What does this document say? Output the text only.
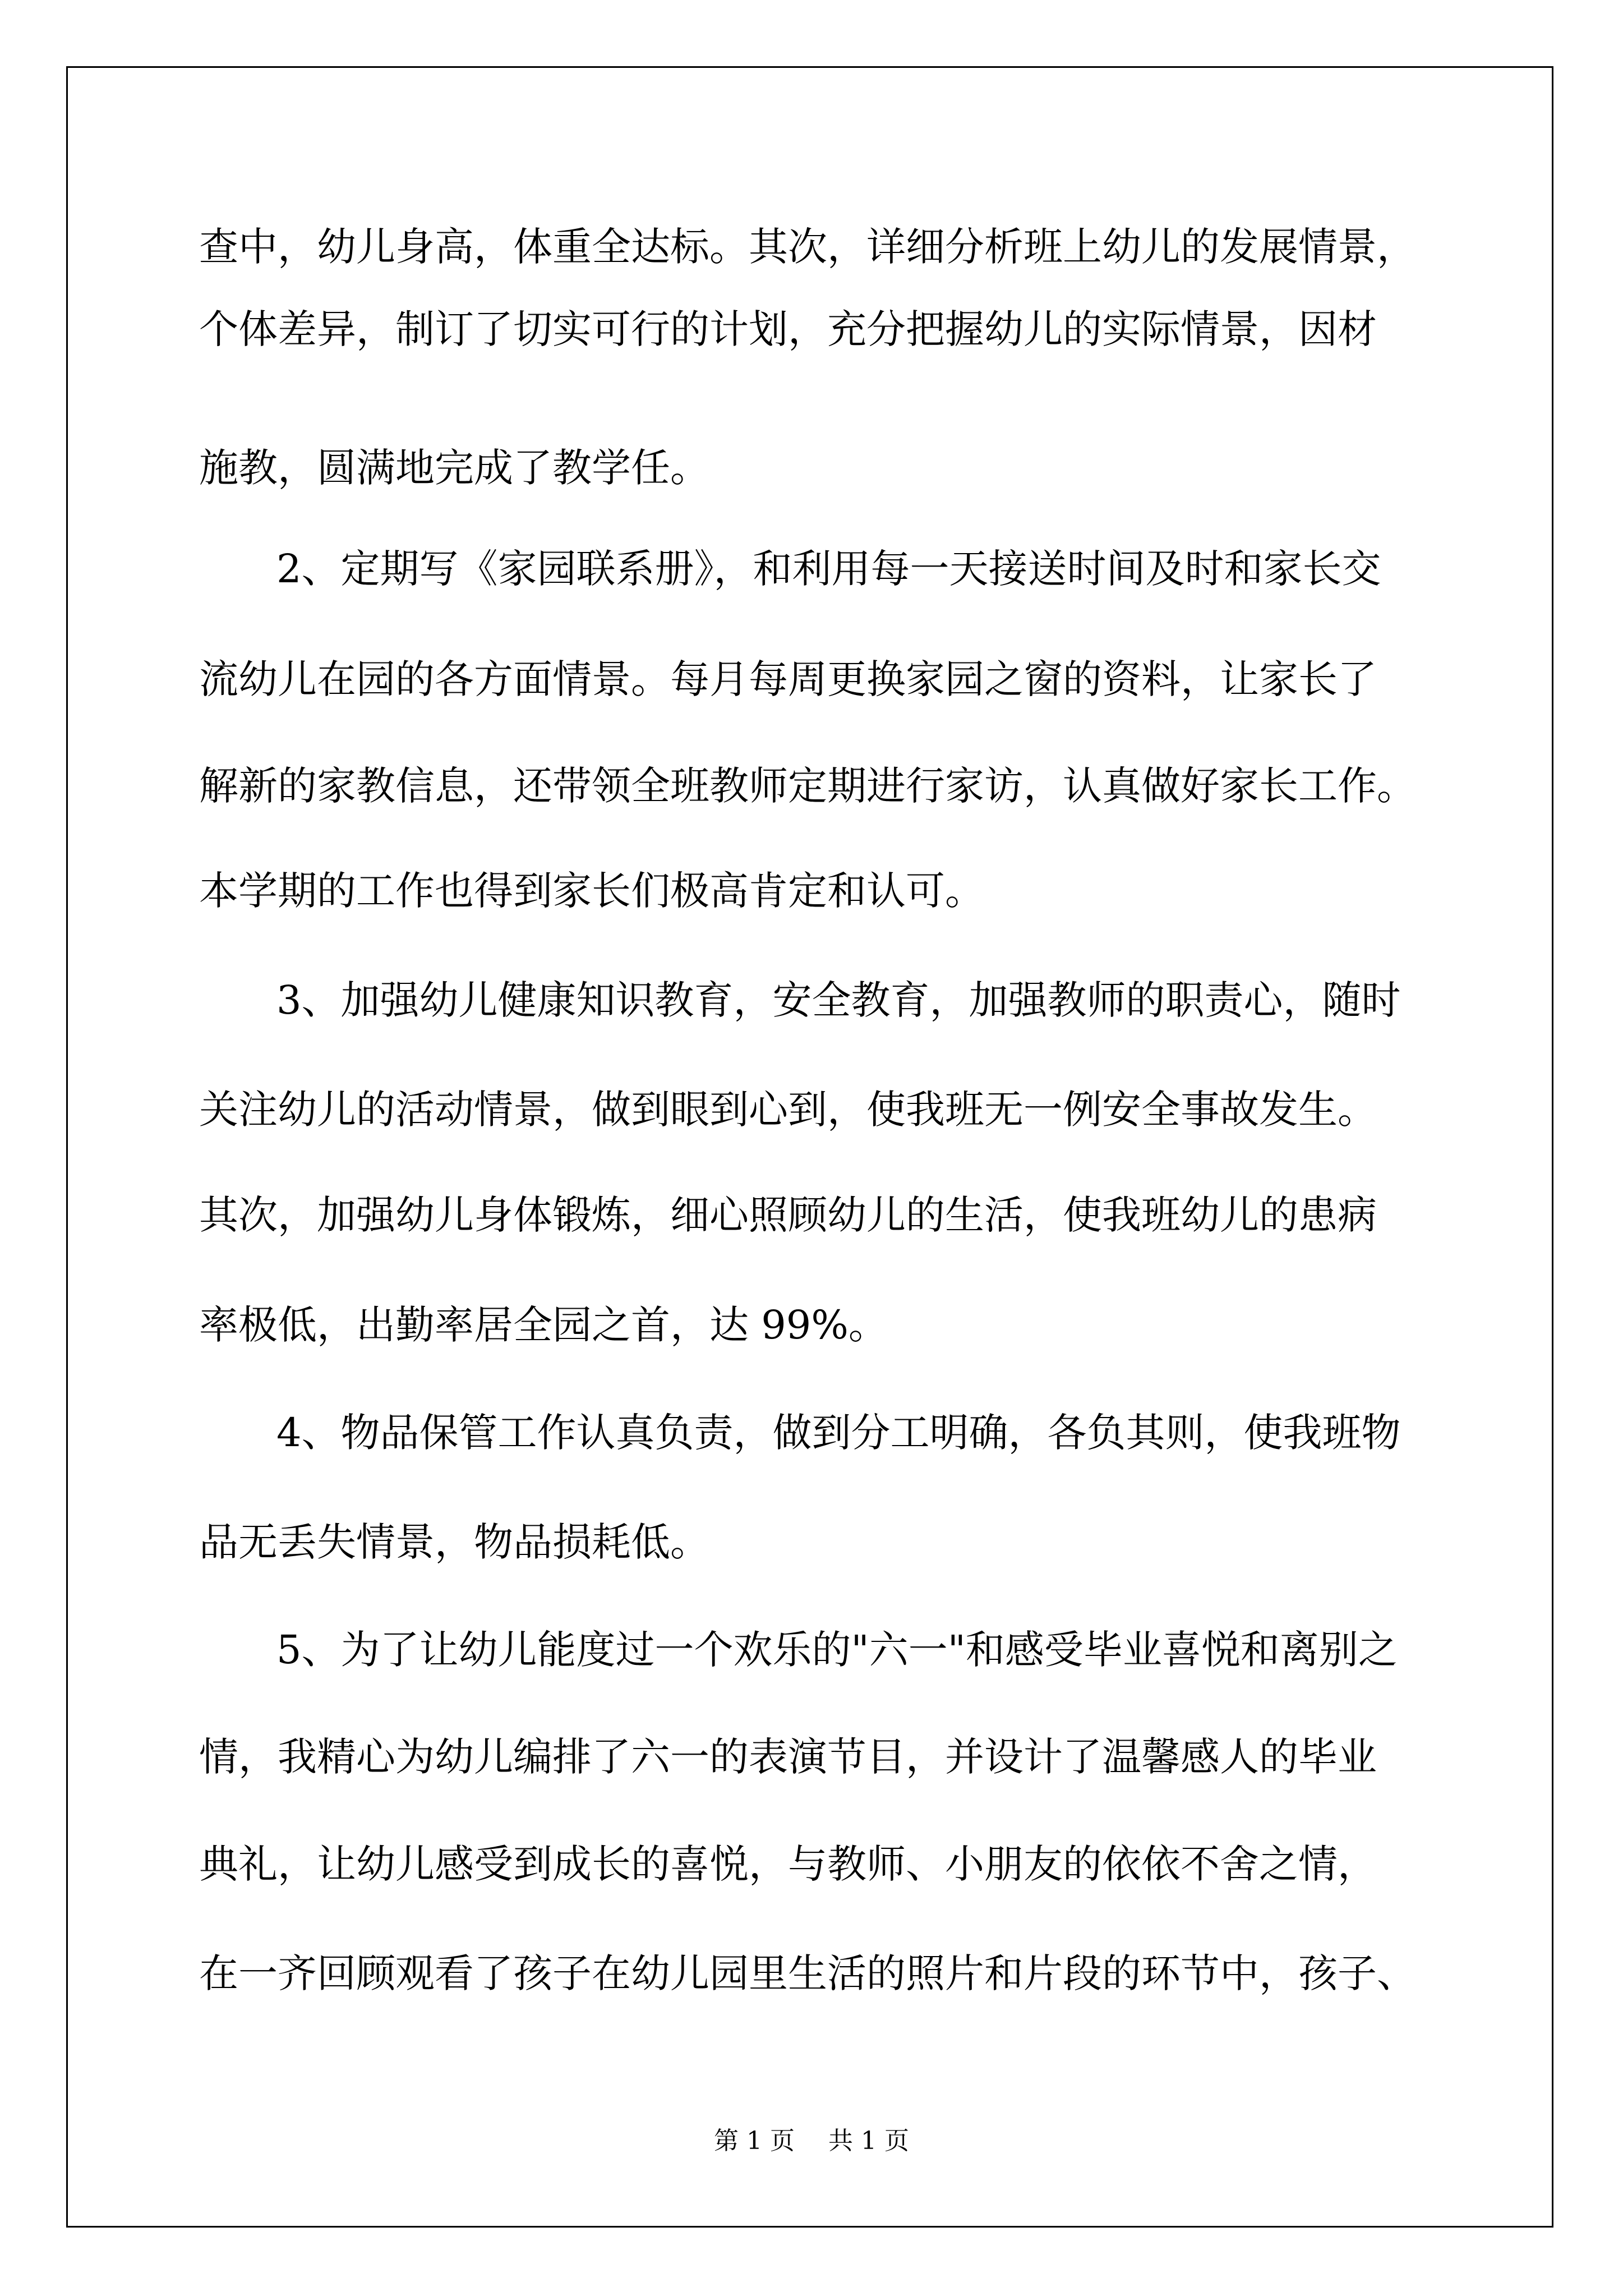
查中，幼儿身高，体重全达标。其次，详细分析班上幼儿的发展情景，

个体差异，制订了切实可行的计划，充分把握幼儿的实际情景，因材

施教，圆满地完成了教学任。

2、定期写《家园联系册》，和利用每一天接送时间及时和家长交

流幼儿在园的各方面情景。每月每周更换家园之窗的资料，让家长了

解新的家教信息，还带领全班教师定期进行家访，认真做好家长工作。

本学期的工作也得到家长们极高肯定和认可。

3、加强幼儿健康知识教育，安全教育，加强教师的职责心，随时

关注幼儿的活动情景，做到眼到心到，使我班无一例安全事故发生。

其次，加强幼儿身体锻炼，细心照顾幼儿的生活，使我班幼儿的患病

率极低，出勤率居全园之首，达 99%。

4、物品保管工作认真负责，做到分工明确，各负其则，使我班物

品无丢失情景，物品损耗低。

5、为了让幼儿能度过一个欢乐的"六一"和感受毕业喜悦和离别之

情，我精心为幼儿编排了六一的表演节目，并设计了温馨感人的毕业

典礼，让幼儿感受到成长的喜悦，与教师、小朋友的依依不舍之情，

在一齐回顾观看了孩子在幼儿园里生活的照片和片段的环节中，孩子、

第 1 页 共 1 页
